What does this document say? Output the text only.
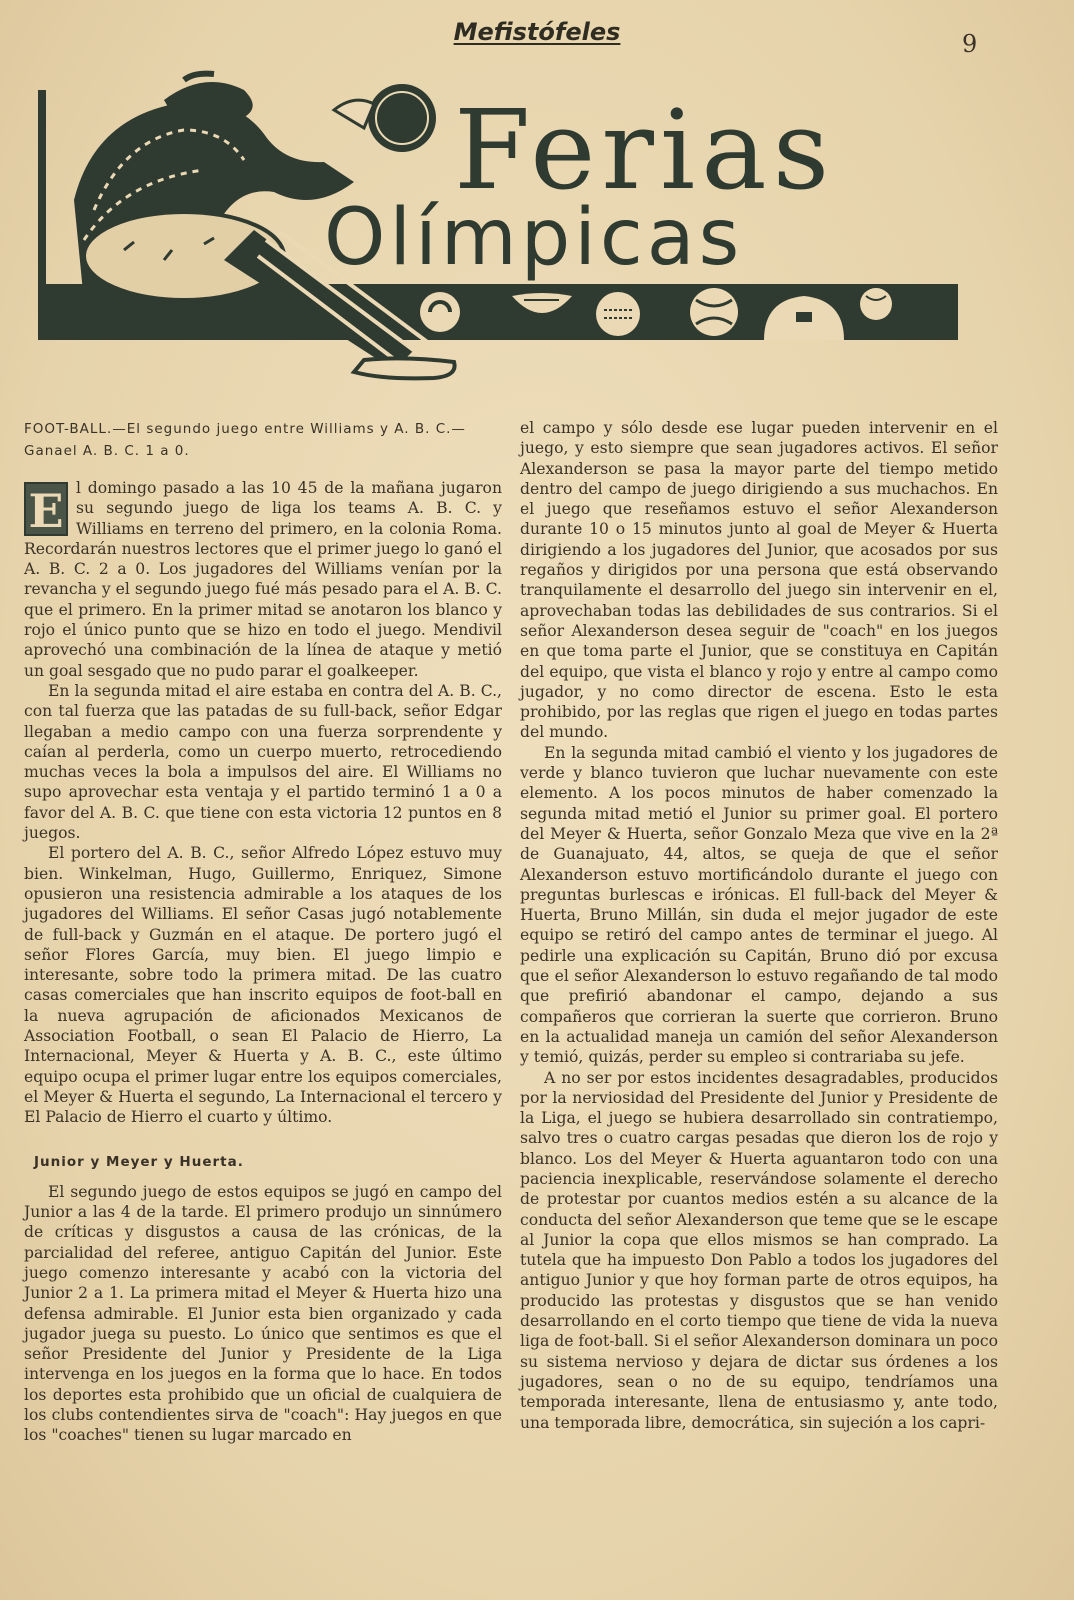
Mefistófeles	9
Ferias
Olímpicas

FOOT-BALL.—El segundo juego entre Williams y A. B. C.—Ganael A. B. C. 1 a 0.

E l domingo pasado a las 10 45 de la mañana jugaron su segundo juego de liga los teams A. B. C. y Williams en terreno del primero, en la colonia Roma. Recordarán nuestros lectores que el primer juego lo ganó el A. B. C. 2 a 0. Los jugadores del Williams venían por la revancha y el segundo juego fué más pesado para el A. B. C. que el primero. En la primer mitad se anotaron los blanco y rojo el único punto que se hizo en todo el juego. Mendivil aprovechó una combinación de la línea de ataque y metió un goal sesgado que no pudo parar el goalkeeper.

En la segunda mitad el aire estaba en contra del A. B. C., con tal fuerza que las patadas de su full-back, señor Edgar llegaban a medio campo con una fuerza sorprendente y caían al perderla, como un cuerpo muerto, retrocediendo muchas veces la bola a impulsos del aire. El Williams no supo aprovechar esta ventaja y el partido terminó 1 a 0 a favor del A. B. C. que tiene con esta victoria 12 puntos en 8 juegos.

El portero del A. B. C., señor Alfredo López estuvo muy bien. Winkelman, Hugo, Guillermo, Enriquez, Simone opusieron una resistencia admirable a los ataques de los jugadores del Williams. El señor Casas jugó notablemente de full-back y Guzmán en el ataque. De portero jugó el señor Flores García, muy bien. El juego limpio e interesante, sobre todo la primera mitad. De las cuatro casas comerciales que han inscrito equipos de foot-ball en la nueva agrupación de aficionados Mexicanos de Association Football, o sean El Palacio de Hierro, La Internacional, Meyer & Huerta y A. B. C., este último equipo ocupa el primer lugar entre los equipos comerciales, el Meyer & Huerta el segundo, La Internacional el tercero y El Palacio de Hierro el cuarto y último.

Junior y Meyer y Huerta.

El segundo juego de estos equipos se jugó en campo del Junior a las 4 de la tarde. El primero produjo un sinnúmero de críticas y disgustos a causa de las crónicas, de la parcialidad del referee, antiguo Capitán del Junior. Este juego comenzo interesante y acabó con la victoria del Junior 2 a 1. La primera mitad el Meyer & Huerta hizo una defensa admirable. El Junior esta bien organizado y cada jugador juega su puesto. Lo único que sentimos es que el señor Presidente del Junior y Presidente de la Liga intervenga en los juegos en la forma que lo hace. En todos los deportes esta prohibido que un oficial de cualquiera de los clubs contendientes sirva de "coach": Hay juegos en que los "coaches" tienen su lugar marcado en

el campo y sólo desde ese lugar pueden intervenir en el juego, y esto siempre que sean jugadores activos. El señor Alexanderson se pasa la mayor parte del tiempo metido dentro del campo de juego dirigiendo a sus muchachos. En el juego que reseñamos estuvo el señor Alexanderson durante 10 o 15 minutos junto al goal de Meyer & Huerta dirigiendo a los jugadores del Junior, que acosados por sus regaños y dirigidos por una persona que está observando tranquilamente el desarrollo del juego sin intervenir en el, aprovechaban todas las debilidades de sus contrarios. Si el señor Alexanderson desea seguir de "coach" en los juegos en que toma parte el Junior, que se constituya en Capitán del equipo, que vista el blanco y rojo y entre al campo como jugador, y no como director de escena. Esto le esta prohibido, por las reglas que rigen el juego en todas partes del mundo.

En la segunda mitad cambió el viento y los jugadores de verde y blanco tuvieron que luchar nuevamente con este elemento. A los pocos minutos de haber comenzado la segunda mitad metió el Junior su primer goal. El portero del Meyer & Huerta, señor Gonzalo Meza que vive en la 2ª de Guanajuato, 44, altos, se queja de que el señor Alexanderson estuvo mortificándolo durante el juego con preguntas burlescas e irónicas. El full-back del Meyer & Huerta, Bruno Millán, sin duda el mejor jugador de este equipo se retiró del campo antes de terminar el juego. Al pedirle una explicación su Capitán, Bruno dió por excusa que el señor Alexanderson lo estuvo regañando de tal modo que prefirió abandonar el campo, dejando a sus compañeros que corrieran la suerte que corrieron. Bruno en la actualidad maneja un camión del señor Alexanderson y temió, quizás, perder su empleo si contrariaba su jefe.

A no ser por estos incidentes desagradables, producidos por la nerviosidad del Presidente del Junior y Presidente de la Liga, el juego se hubiera desarrollado sin contratiempo, salvo tres o cuatro cargas pesadas que dieron los de rojo y blanco. Los del Meyer & Huerta aguantaron todo con una paciencia inexplicable, reservándose solamente el derecho de protestar por cuantos medios estén a su alcance de la conducta del señor Alexanderson que teme que se le escape al Junior la copa que ellos mismos se han comprado. La tutela que ha impuesto Don Pablo a todos los jugadores del antiguo Junior y que hoy forman parte de otros equipos, ha producido las protestas y disgustos que se han venido desarrollando en el corto tiempo que tiene de vida la nueva liga de foot-ball. Si el señor Alexanderson dominara un poco su sistema nervioso y dejara de dictar sus órdenes a los jugadores, sean o no de su equipo, tendríamos una temporada interesante, llena de entusiasmo y, ante todo, una temporada libre, democrática, sin sujeción a los capri-
